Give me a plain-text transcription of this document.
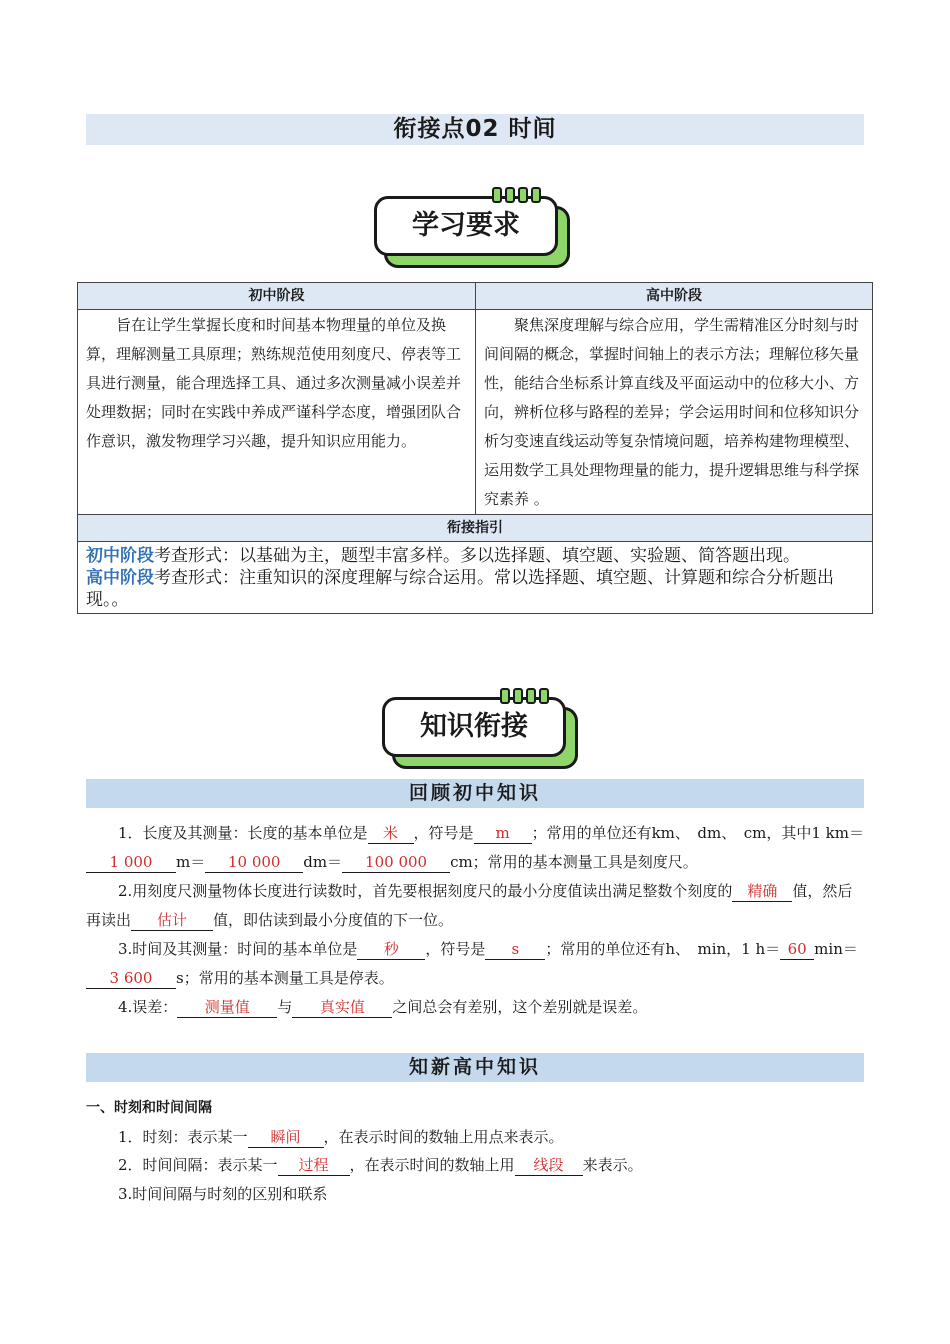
衔接点02 时间
学习要求
初中阶段	高中阶段
旨在让学生掌握长度和时间基本物理量的单位及换算，理解测量工具原理；熟练规范使用刻度尺、停表等工具进行测量，能合理选择工具、通过多次测量减小误差并处理数据；同时在实践中养成严谨科学态度，增强团队合作意识，激发物理学习兴趣，提升知识应用能力。	聚焦深度理解与综合应用，学生需精准区分时刻与时间间隔的概念，掌握时间轴上的表示方法；理解位移矢量性，能结合坐标系计算直线及平面运动中的位移大小、方向，辨析位移与路程的差异；学会运用时间和位移知识分析匀变速直线运动等复杂情境问题，培养构建物理模型、运用数学工具处理物理量的能力，提升逻辑思维与科学探究素养 。
衔接指引	

初中阶段考查形式：以基础为主，题型丰富多样。多以选择题、填空题、实验题、简答题出现。
高中阶段考查形式：注重知识的深度理解与综合运用。常以选择题、填空题、计算题和综合分析题出现。。	
知识衔接
回顾初中知识
1．长度及其测量：长度的基本单位是 米 ，符号是 m ；常用的单位还有km、　dm、　cm，其中1 km＝1 000 m＝ 10 000 dm＝ 100 000 cm；常用的基本测量工具是刻度尺。
2.用刻度尺测量物体长度进行读数时，首先要根据刻度尺的最小分度值读出满足整数个刻度的 精确 值，然后再读出 估计 值，即估读到最小分度值的下一位。
3.时间及其测量：时间的基本单位是 秒 ，符号是 s ；常用的单位还有h、　min，1 h＝ 60 min＝3 600 s；常用的基本测量工具是停表。
4.误差： 测量值 与 真实值 之间总会有差别，这个差别就是误差。
知新高中知识
一、时刻和时间间隔
1．时刻：表示某一 瞬间 ，在表示时间的数轴上用点来表示。
2．时间间隔：表示某一 过程 ，在表示时间的数轴上用 线段 来表示。
3.时间间隔与时刻的区别和联系
